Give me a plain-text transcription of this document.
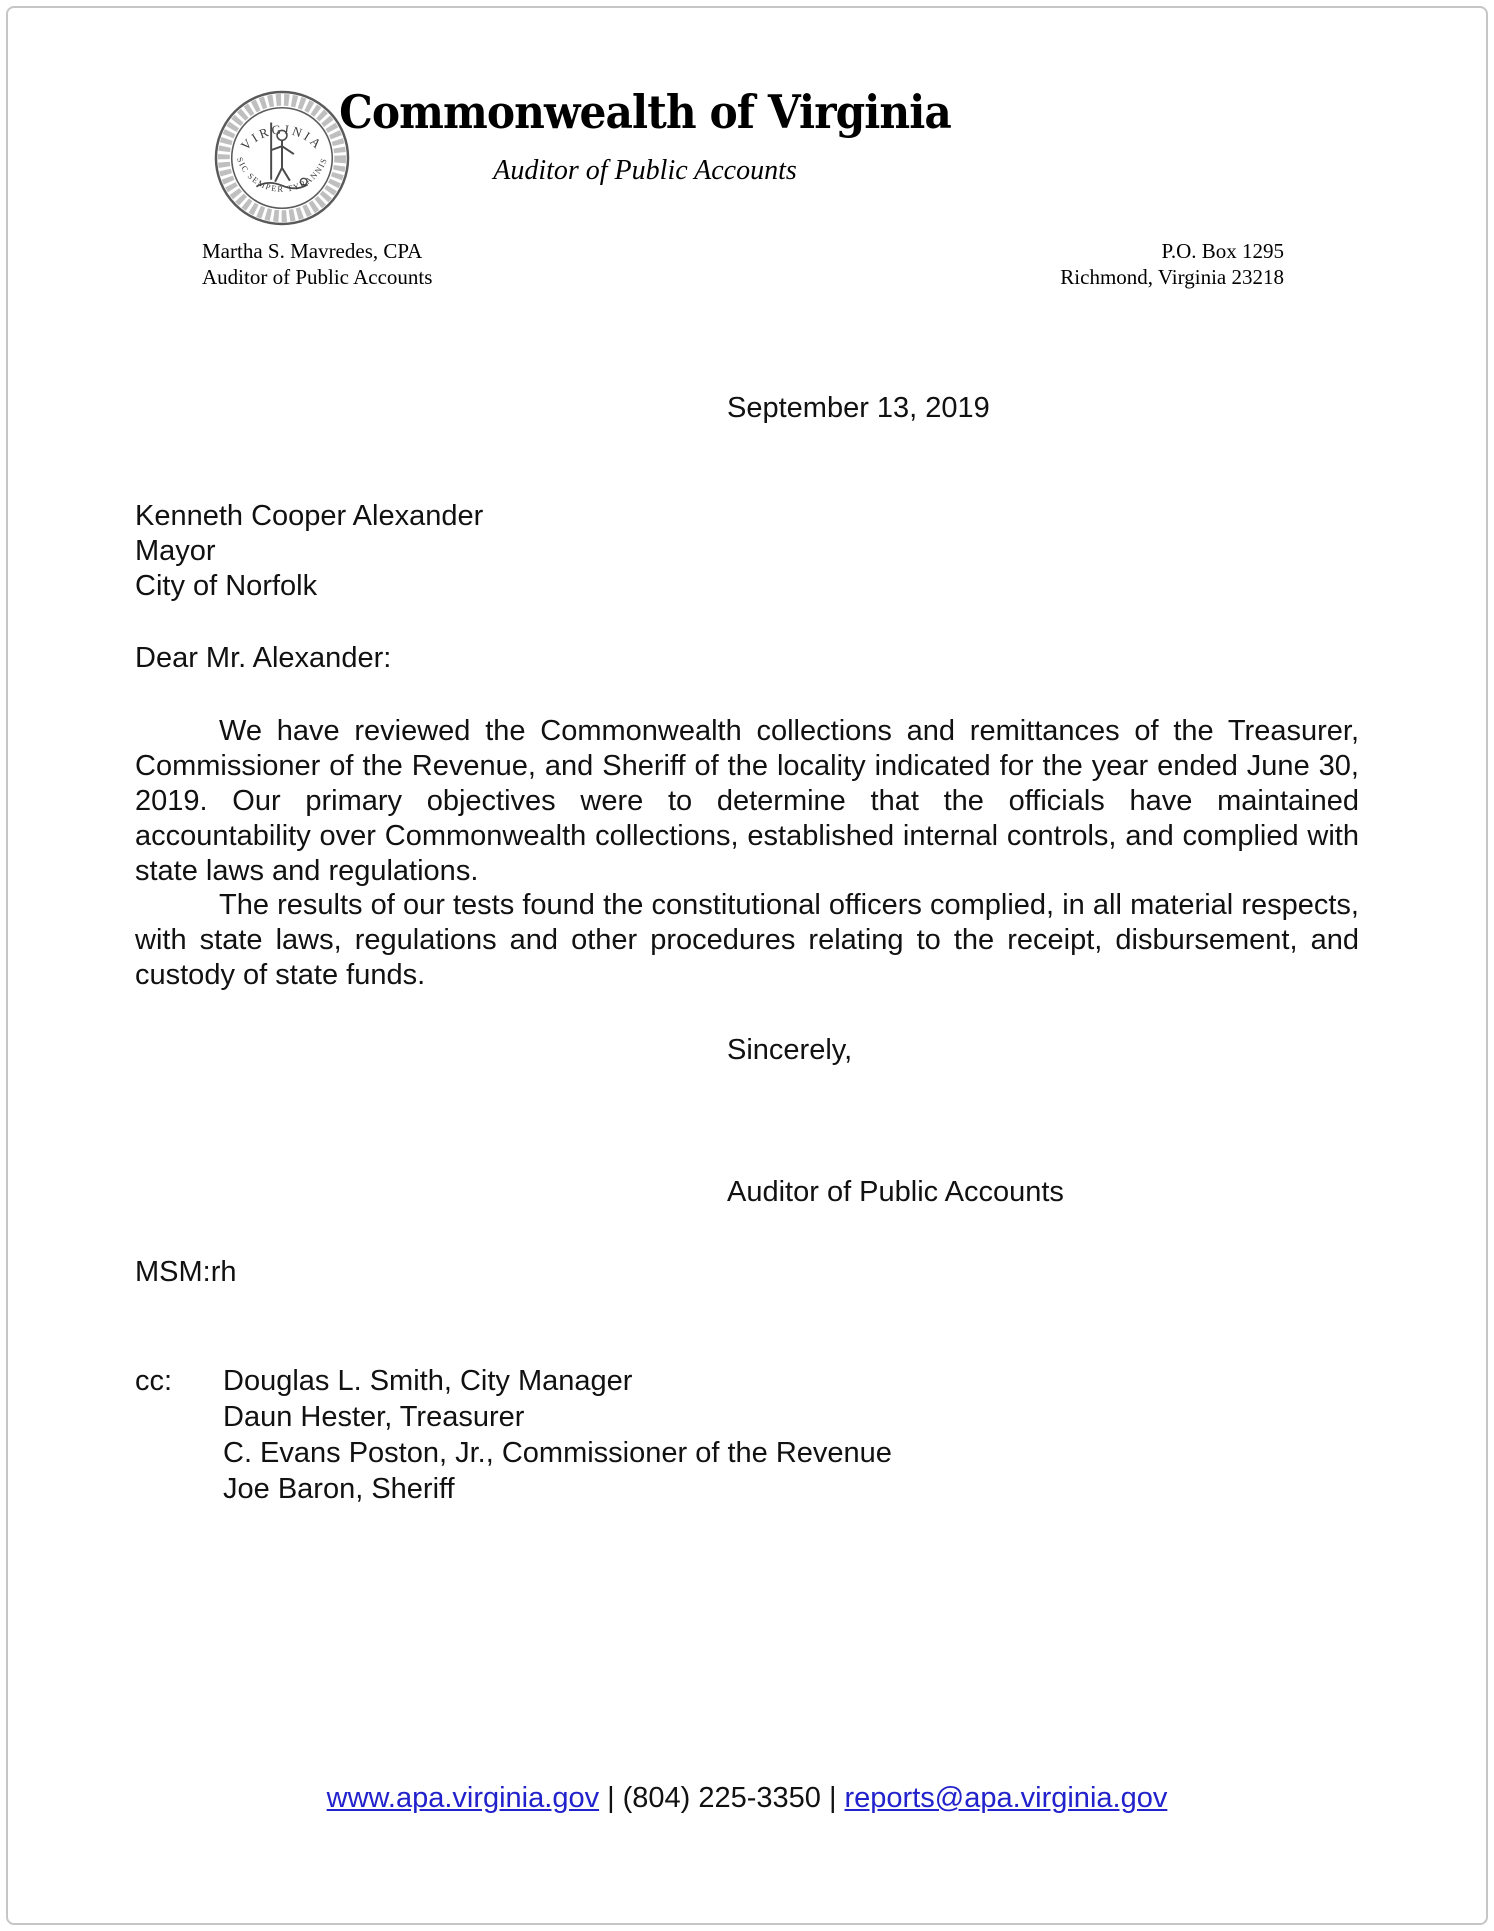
VIRGINIA
SIC SEMPER TYRANNIS
Commonwealth of Virginia
Auditor of Public Accounts
Martha S. Mavredes, CPA
Auditor of Public Accounts
P.O. Box 1295
Richmond, Virginia 23218
September 13, 2019
Kenneth Cooper Alexander
Mayor
City of Norfolk
Dear Mr. Alexander:
We have reviewed the Commonwealth collections and remittances of the Treasurer, Commissioner of the Revenue, and Sheriff of the locality indicated for the year ended June 30, 2019. Our primary objectives were to determine that the officials have maintained accountability over Commonwealth collections, established internal controls, and complied with state laws and regulations.
The results of our tests found the constitutional officers complied, in all material respects, with state laws, regulations and other procedures relating to the receipt, disbursement, and custody of state funds.
Sincerely,
Auditor of Public Accounts
MSM:rh
cc:	Douglas L. Smith, City Manager
Daun Hester, Treasurer
C. Evans Poston, Jr., Commissioner of the Revenue
Joe Baron, Sheriff
www.apa.virginia.gov | (804) 225-3350 | reports@apa.virginia.gov
